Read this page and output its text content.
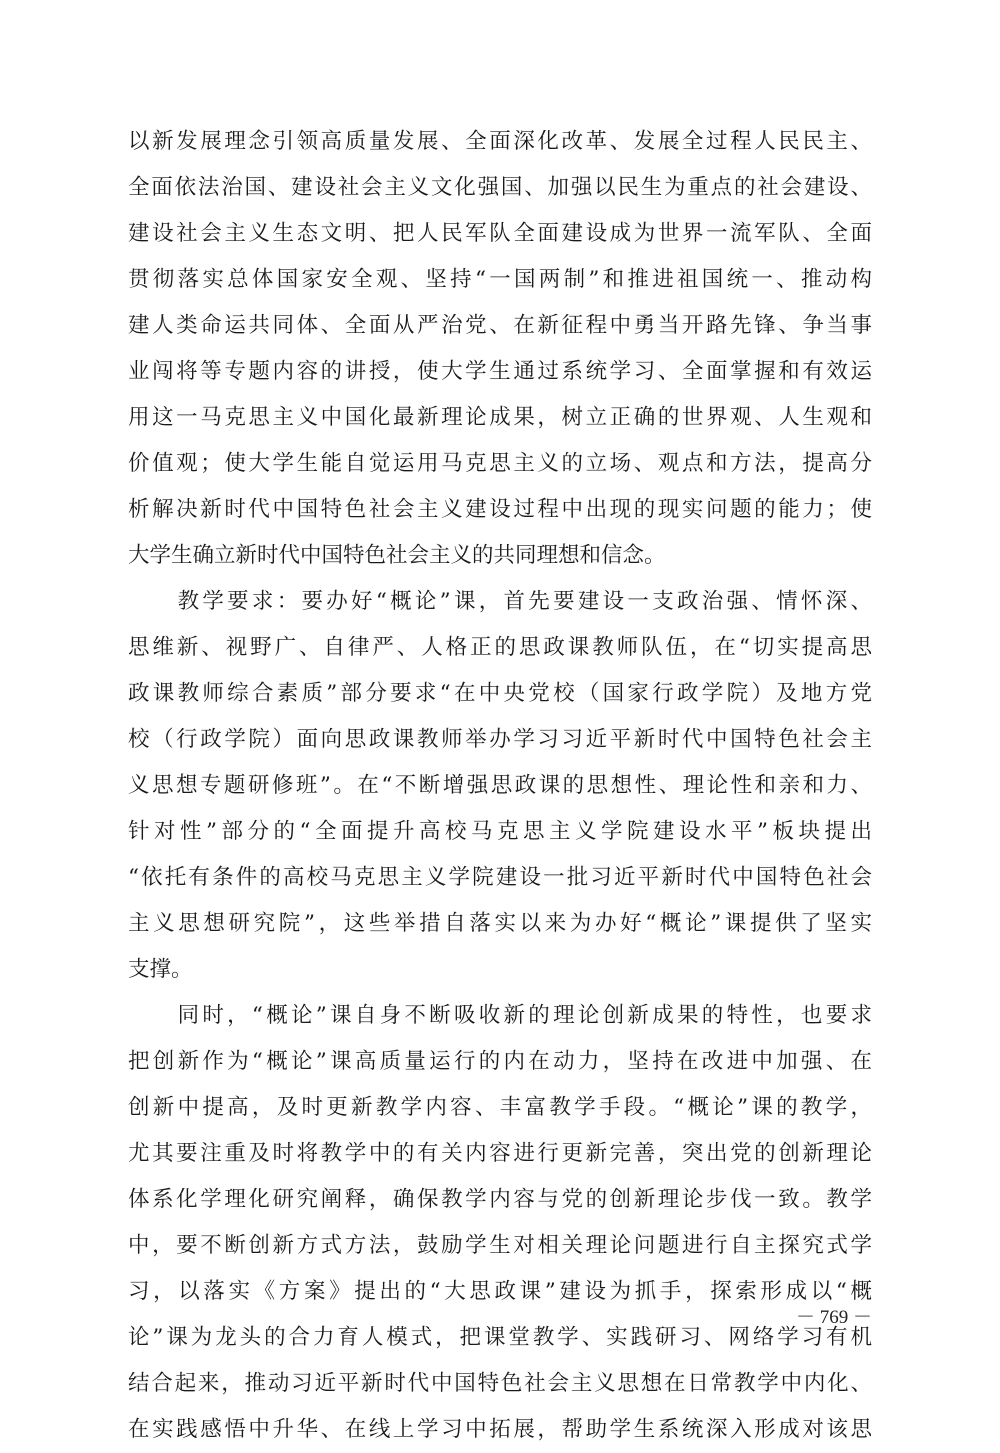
以新发展理念引领高质量发展、全面深化改革、发展全过程人民民主、
全面依法治国、建设社会主义文化强国、加强以民生为重点的社会建设、
建设社会主义生态文明、把人民军队全面建设成为世界一流军队、全面
贯彻落实总体国家安全观、坚持“一国两制”和推进祖国统一、推动构
建人类命运共同体、全面从严治党、在新征程中勇当开路先锋、争当事
业闯将等专题内容的讲授，使大学生通过系统学习、全面掌握和有效运
用这一马克思主义中国化最新理论成果，树立正确的世界观、人生观和
价值观；使大学生能自觉运用马克思主义的立场、观点和方法，提高分
析解决新时代中国特色社会主义建设过程中出现的现实问题的能力；使
大学生确立新时代中国特色社会主义的共同理想和信念。
　　教学要求：要办好“概论”课，首先要建设一支政治强、情怀深、
思维新、视野广、自律严、人格正的思政课教师队伍，在“切实提高思
政课教师综合素质”部分要求“在中央党校（国家行政学院）及地方党
校（行政学院）面向思政课教师举办学习习近平新时代中国特色社会主
义思想专题研修班”。在“不断增强思政课的思想性、理论性和亲和力、
针对性”部分的“全面提升高校马克思主义学院建设水平”板块提出
“依托有条件的高校马克思主义学院建设一批习近平新时代中国特色社会
主义思想研究院”，这些举措自落实以来为办好“概论”课提供了坚实
支撑。
　　同时，“概论”课自身不断吸收新的理论创新成果的特性，也要求
把创新作为“概论”课高质量运行的内在动力，坚持在改进中加强、在
创新中提高，及时更新教学内容、丰富教学手段。“概论”课的教学，
尤其要注重及时将教学中的有关内容进行更新完善，突出党的创新理论
体系化学理化研究阐释，确保教学内容与党的创新理论步伐一致。教学
中，要不断创新方式方法，鼓励学生对相关理论问题进行自主探究式学
习，以落实《方案》提出的“大思政课”建设为抓手，探索形成以“概
论”课为龙头的合力育人模式，把课堂教学、实践研习、网络学习有机
结合起来，推动习近平新时代中国特色社会主义思想在日常教学中内化、
在实践感悟中升华、在线上学习中拓展，帮助学生系统深入形成对该思
－ 769 －
